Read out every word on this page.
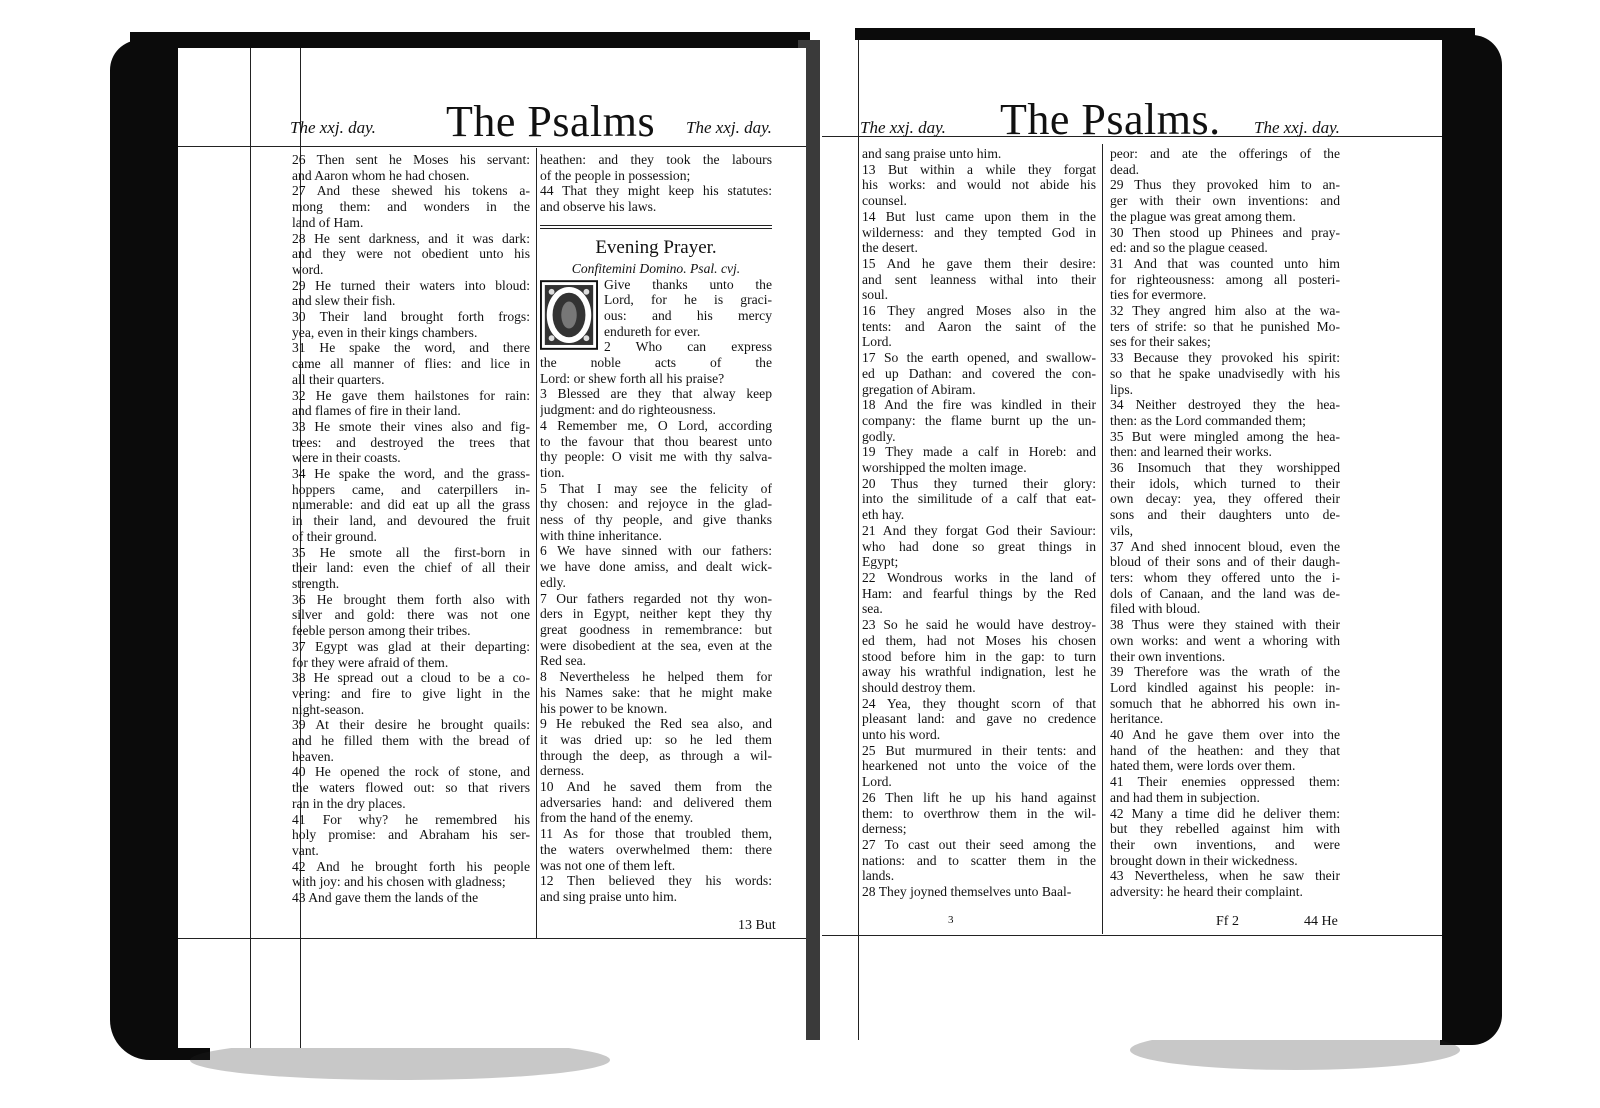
The xxj. day. The Psalms The xxj. day.
26 Then sent he Moses his servant:
and Aaron whom he had chosen.
27 And these shewed his tokens a-
mong them: and wonders in the
land of Ham.
28 He sent darkness, and it was dark:
and they were not obedient unto his
word.
29 He turned their waters into bloud:
and slew their fish.
30 Their land brought forth frogs:
yea, even in their kings chambers.
31 He spake the word, and there
came all manner of flies: and lice in
all their quarters.
32 He gave them hailstones for rain:
and flames of fire in their land.
33 He smote their vines also and fig-
trees: and destroyed the trees that
were in their coasts.
34 He spake the word, and the grass-
hoppers came, and caterpillers in-
numerable: and did eat up all the grass
in their land, and devoured the fruit
of their ground.
35 He smote all the first-born in
their land: even the chief of all their
strength.
36 He brought them forth also with
silver and gold: there was not one
feeble person among their tribes.
37 Egypt was glad at their departing:
for they were afraid of them.
38 He spread out a cloud to be a co-
vering: and fire to give light in the
night-season.
39 At their desire he brought quails:
and he filled them with the bread of
heaven.
40 He opened the rock of stone, and
the waters flowed out: so that rivers
ran in the dry places.
41 For why? he remembred his
holy promise: and Abraham his ser-
vant.
42 And he brought forth his people
with joy: and his chosen with gladness;
43 And gave them the lands of the
heathen: and they took the labours
of the people in possession;
44 That they might keep his statutes:
and observe his laws.
Evening Prayer.
Confitemini Domino. Psal. cvj.
Give thanks unto the
Lord, for he is graci-
ous: and his mercy
endureth for ever.
2 Who can express
the noble acts of the
Lord: or shew forth all his praise?
3 Blessed are they that alway keep
judgment: and do righteousness.
4 Remember me, O Lord, according
to the favour that thou bearest unto
thy people: O visit me with thy salva-
tion.
5 That I may see the felicity of
thy chosen: and rejoyce in the glad-
ness of thy people, and give thanks
with thine inheritance.
6 We have sinned with our fathers:
we have done amiss, and dealt wick-
edly.
7 Our fathers regarded not thy won-
ders in Egypt, neither kept they thy
great goodness in remembrance: but
were disobedient at the sea, even at the
Red sea.
8 Nevertheless he helped them for
his Names sake: that he might make
his power to be known.
9 He rebuked the Red sea also, and
it was dried up: so he led them
through the deep, as through a wil-
derness.
10 And he saved them from the
adversaries hand: and delivered them
from the hand of the enemy.
11 As for those that troubled them,
the waters overwhelmed them: there
was not one of them left.
12 Then believed they his words:
and sing praise unto him.
13 But
The xxj. day. The Psalms. The xxj. day.
and sang praise unto him.
13 But within a while they forgat
his works: and would not abide his
counsel.
14 But lust came upon them in the
wilderness: and they tempted God in
the desert.
15 And he gave them their desire:
and sent leanness withal into their
soul.
16 They angred Moses also in the
tents: and Aaron the saint of the
Lord.
17 So the earth opened, and swallow-
ed up Dathan: and covered the con-
gregation of Abiram.
18 And the fire was kindled in their
company: the flame burnt up the un-
godly.
19 They made a calf in Horeb: and
worshipped the molten image.
20 Thus they turned their glory:
into the similitude of a calf that eat-
eth hay.
21 And they forgat God their Saviour:
who had done so great things in
Egypt;
22 Wondrous works in the land of
Ham: and fearful things by the Red
sea.
23 So he said he would have destroy-
ed them, had not Moses his chosen
stood before him in the gap: to turn
away his wrathful indignation, lest he
should destroy them.
24 Yea, they thought scorn of that
pleasant land: and gave no credence
unto his word.
25 But murmured in their tents: and
hearkened not unto the voice of the
Lord.
26 Then lift he up his hand against
them: to overthrow them in the wil-
derness;
27 To cast out their seed among the
nations: and to scatter them in the
lands.
28 They joyned themselves unto Baal-
peor: and ate the offerings of the
dead.
29 Thus they provoked him to an-
ger with their own inventions: and
the plague was great among them.
30 Then stood up Phinees and pray-
ed: and so the plague ceased.
31 And that was counted unto him
for righteousness: among all posteri-
ties for evermore.
32 They angred him also at the wa-
ters of strife: so that he punished Mo-
ses for their sakes;
33 Because they provoked his spirit:
so that he spake unadvisedly with his
lips.
34 Neither destroyed they the hea-
then: as the Lord commanded them;
35 But were mingled among the hea-
then: and learned their works.
36 Insomuch that they worshipped
their idols, which turned to their
own decay: yea, they offered their
sons and their daughters unto de-
vils,
37 And shed innocent bloud, even the
bloud of their sons and of their daugh-
ters: whom they offered unto the i-
dols of Canaan, and the land was de-
filed with bloud.
38 Thus were they stained with their
own works: and went a whoring with
their own inventions.
39 Therefore was the wrath of the
Lord kindled against his people: in-
somuch that he abhorred his own in-
heritance.
40 And he gave them over into the
hand of the heathen: and they that
hated them, were lords over them.
41 Their enemies oppressed them:
and had them in subjection.
42 Many a time did he deliver them:
but they rebelled against him with
their own inventions, and were
brought down in their wickedness.
43 Nevertheless, when he saw their
adversity: he heard their complaint.
3	Ff 2	44 He
